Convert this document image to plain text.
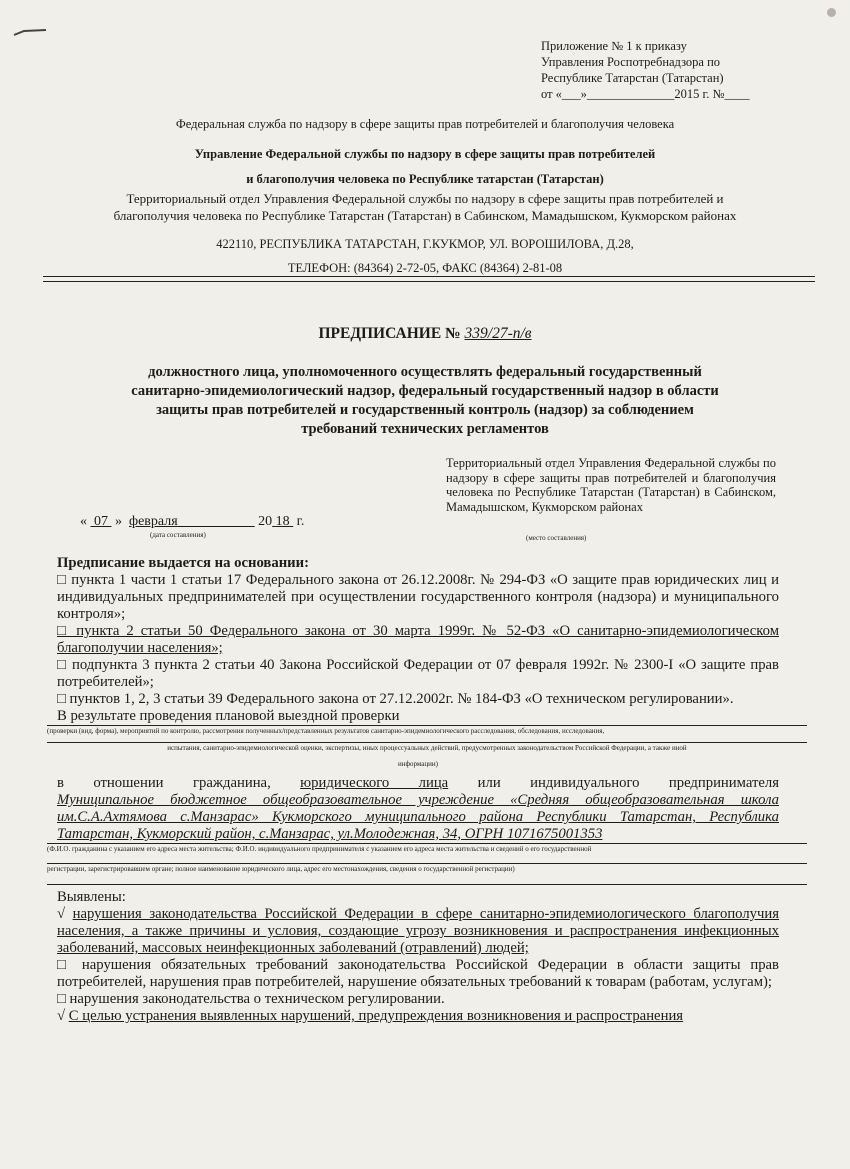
Приложение № 1 к приказу
Управления Роспотребнадзора по
Республике Татарстан (Татарстан)
от «___»______________2015 г. №____
Федеральная служба по надзору в сфере защиты прав потребителей и благополучия человека
Управление Федеральной службы по надзору в сфере защиты прав потребителей
и благополучия человека по Республике татарстан (Татарстан)
Территориальный отдел Управления Федеральной службы по надзору в сфере защиты прав потребителей и
благополучия человека по Республике Татарстан (Татарстан) в Сабинском, Мамадышском, Кукморском районах
422110, РЕСПУБЛИКА ТАТАРСТАН, Г.КУКМОР, УЛ. ВОРОШИЛОВА, Д.28,
ТЕЛЕФОН: (84364) 2-72-05, ФАКС (84364) 2-81-08
ПРЕДПИСАНИЕ № 339/27-п/в
должностного лица, уполномоченного осуществлять федеральный государственный
санитарно-эпидемиологический надзор, федеральный государственный надзор в области
защиты прав потребителей и государственный контроль (надзор) за соблюдением
требований технических регламентов
Территориальный отдел Управления Федеральной службы по надзору в сфере защиты прав потребителей и благополучия человека по Республике Татарстан (Татарстан) в Сабинском, Мамадышском, Кукморском районах
(место составления)
« 07 » февраля	20 18 г.
(дата составления)

Предписание выдается на основании:

□ пункта 1 части 1 статьи 17 Федерального закона от 26.12.2008г. № 294-ФЗ «О защите прав юридических лиц и индивидуальных предпринимателей при осуществлении государственного контроля (надзора) и муниципального контроля»;

□ пункта 2 статьи 50 Федерального закона от 30 марта 1999г. № 52-ФЗ «О санитарно-эпидемиологическом благополучии населения»;

□ подпункта 3 пункта 2 статьи 40 Закона Российской Федерации от 07 февраля 1992г. № 2300-I «О защите прав потребителей»;

□ пунктов 1, 2, 3 статьи 39 Федерального закона от 27.12.2002г. № 184-ФЗ «О техническом регулировании».

В результате проведения плановой выездной проверки

(проверки (вид, форма), мероприятий по контролю, рассмотрения полученных/представленных результатов санитарно-эпидемиологического расследования, обследования, исследования,
испытания, санитарно-эпидемиологической оценки, экспертизы, иных процессуальных действий, предусмотренных законодательством Российской Федерации, а также иной
информации)

в отношении гражданина, юридического лица или индивидуального предпринимателя

Муниципальное бюджетное общеобразовательное учреждение «Средняя общеобразовательная школа им.С.А.Ахтямова с.Манзарас» Кукморского муниципального района Республики Татарстан, Республика Татарстан, Кукморский район, с.Манзарас, ул.Молодежная, 34, ОГРН 1071675001353

(Ф.И.О. гражданина с указанием его адреса места жительства; Ф.И.О. индивидуального предпринимателя с указанием его адреса места жительства и сведений о его государственной
регистрации, зарегистрировавшем органе; полное наименование юридического лица, адрес его местонахождения, сведения о государственной регистрации)

Выявлены:

√ нарушения законодательства Российской Федерации в сфере санитарно-эпидемиологического благополучия населения, а также причины и условия, создающие угрозу возникновения и распространения инфекционных заболеваний, массовых неинфекционных заболеваний (отравлений) людей;

□ нарушения обязательных требований законодательства Российской Федерации в области защиты прав потребителей, нарушения прав потребителей, нарушение обязательных требований к товарам (работам, услугам);

□ нарушения законодательства о техническом регулировании.

√ С целью устранения выявленных нарушений, предупреждения возникновения и распространения
